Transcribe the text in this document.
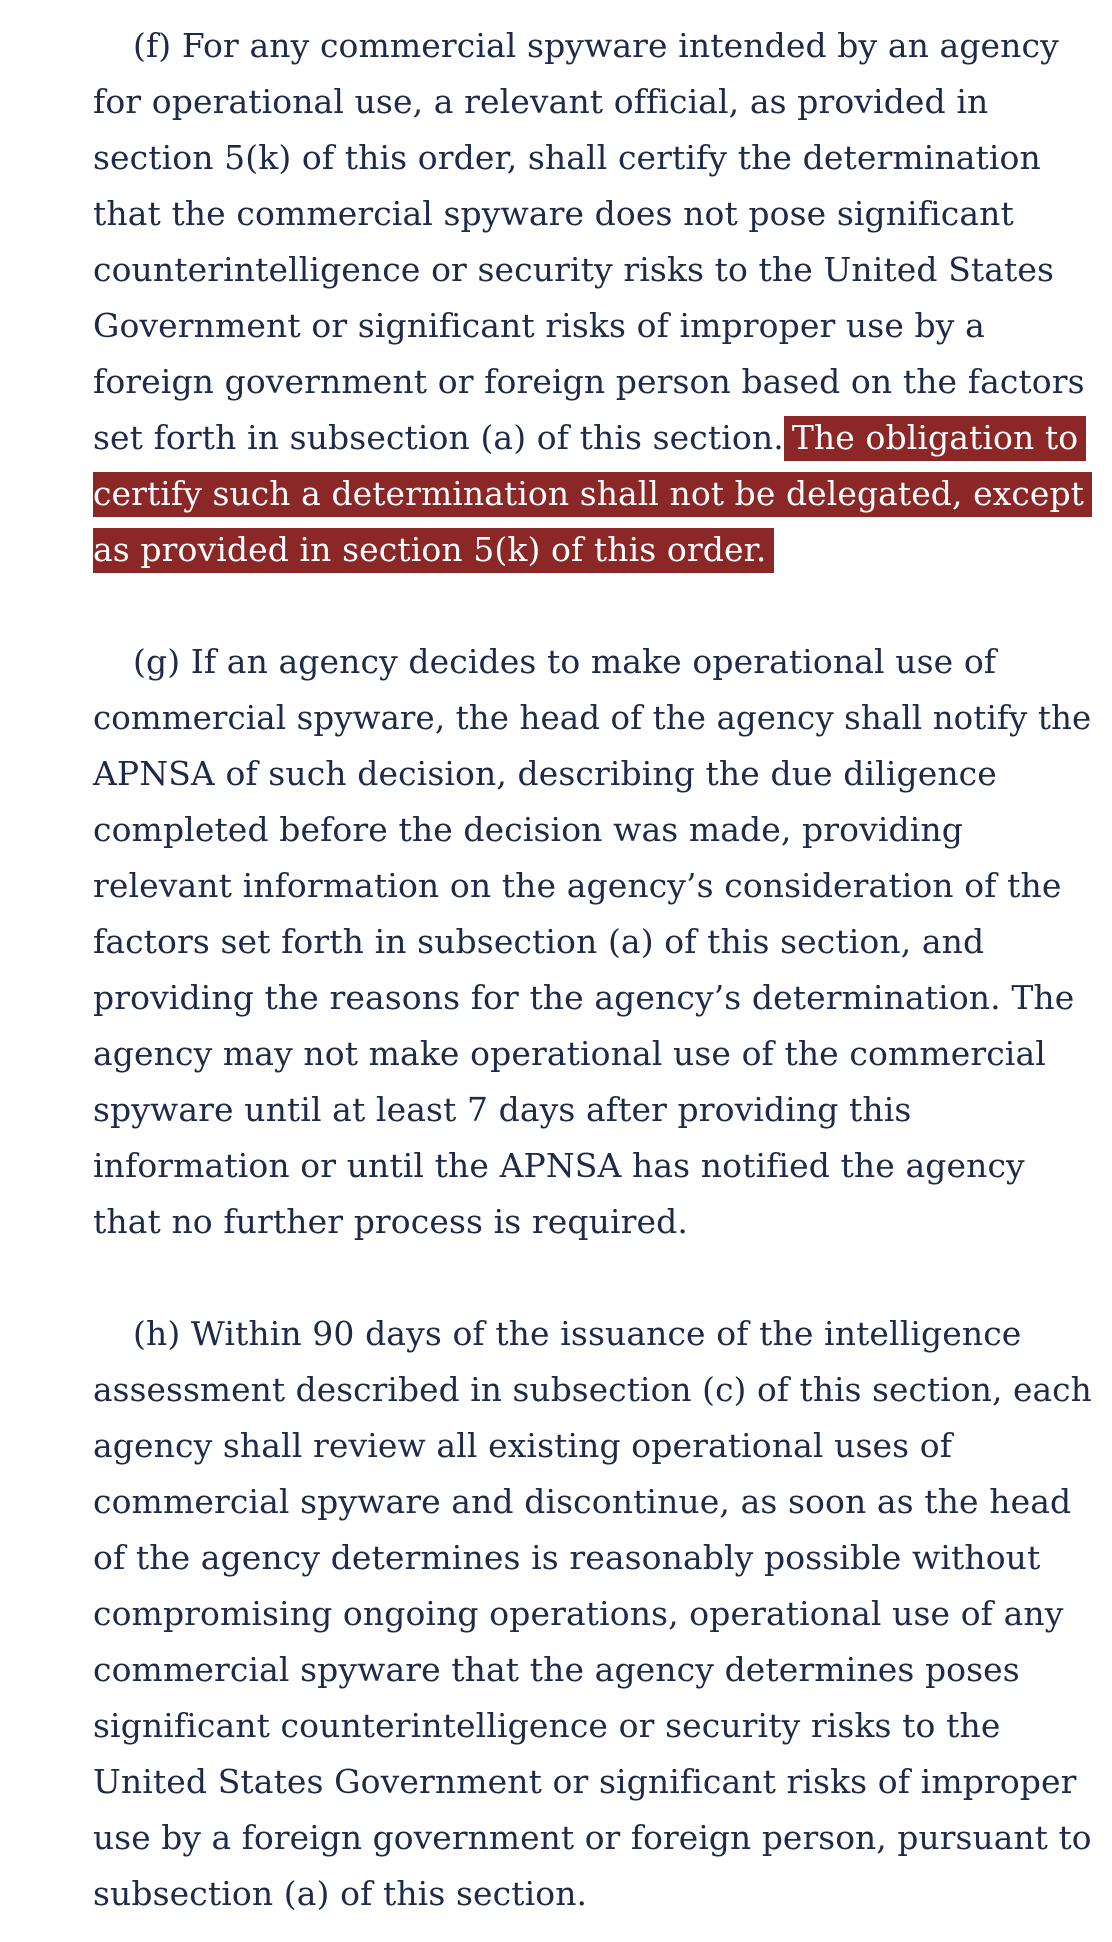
(f) For any commercial spyware intended by an agency
for operational use, a relevant official, as provided in
section 5(k) of this order, shall certify the determination
that the commercial spyware does not pose significant
counterintelligence or security risks to the United States
Government or significant risks of improper use by a
foreign government or foreign person based on the factors
set forth in subsection (a) of this section. The obligation to
certify such a determination shall not be delegated, except
as provided in section 5(k) of this order.
(g) If an agency decides to make operational use of
commercial spyware, the head of the agency shall notify the
APNSA of such decision, describing the due diligence
completed before the decision was made, providing
relevant information on the agency’s consideration of the
factors set forth in subsection (a) of this section, and
providing the reasons for the agency’s determination. The
agency may not make operational use of the commercial
spyware until at least 7 days after providing this
information or until the APNSA has notified the agency
that no further process is required.
(h) Within 90 days of the issuance of the intelligence
assessment described in subsection (c) of this section, each
agency shall review all existing operational uses of
commercial spyware and discontinue, as soon as the head
of the agency determines is reasonably possible without
compromising ongoing operations, operational use of any
commercial spyware that the agency determines poses
significant counterintelligence or security risks to the
United States Government or significant risks of improper
use by a foreign government or foreign person, pursuant to
subsection (a) of this section.
